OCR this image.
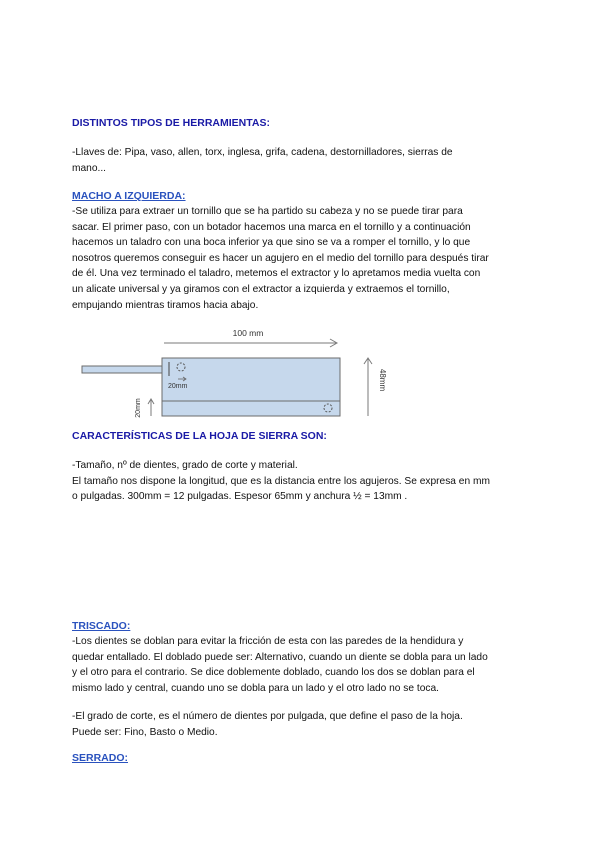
DISTINTOS TIPOS DE HERRAMIENTAS:
-Llaves de: Pipa, vaso, allen, torx, inglesa, grifa, cadena, destornilladores, sierras de
mano...
MACHO A IZQUIERDA:
-Se utiliza para extraer un tornillo que se ha partido su cabeza y no se puede tirar para
sacar. El primer paso, con un botador hacemos una marca en el tornillo y a continuación
hacemos un taladro con una boca inferior ya que sino se va a romper el tornillo, y lo que
nosotros queremos conseguir es hacer un agujero en el medio del tornillo para después tirar
de él. Una vez terminado el taladro, metemos el extractor y lo apretamos media vuelta con
un alicate universal y ya giramos con el extractor a izquierda y extraemos el tornillo,
empujando mientras tiramos hacia abajo.
100 mm
20mm	48mm
20mm
CARACTERÍSTICAS DE LA HOJA DE SIERRA SON:
-Tamaño, nº de dientes, grado de corte y material.
El tamaño nos dispone la longitud, que es la distancia entre los agujeros. Se expresa en mm
o pulgadas. 300mm = 12 pulgadas. Espesor 65mm y anchura ½ = 13mm .
TRISCADO:
-Los dientes se doblan para evitar la fricción de esta con las paredes de la hendidura y
quedar entallado. El doblado puede ser: Alternativo, cuando un diente se dobla para un lado
y el otro para el contrario. Se dice doblemente doblado, cuando los dos se doblan para el
mismo lado y central, cuando uno se dobla para un lado y el otro lado no se toca.
-El grado de corte, es el número de dientes por pulgada, que define el paso de la hoja.
Puede ser: Fino, Basto o Medio.
SERRADO:
